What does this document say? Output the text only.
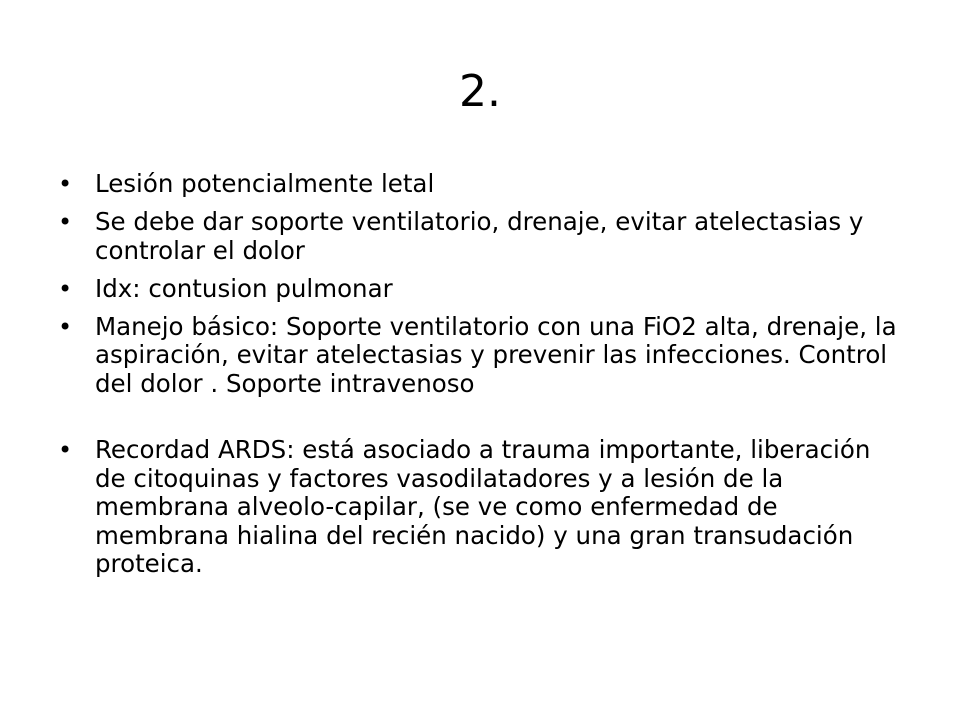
2.
• Lesión potencialmente letal
• Se debe dar soporte ventilatorio, drenaje, evitar atelectasias y controlar el dolor
• Idx: contusion pulmonar
• Manejo básico: Soporte ventilatorio con una FiO2 alta, drenaje, la aspiración, evitar atelectasias y prevenir las infecciones. Control del dolor . Soporte intravenoso
• Recordad ARDS: está asociado a trauma importante, liberación de citoquinas y factores vasodilatadores y a lesión de la membrana alveolo-capilar, (se ve como enfermedad de membrana hialina del recién nacido) y una gran transudación proteica.
